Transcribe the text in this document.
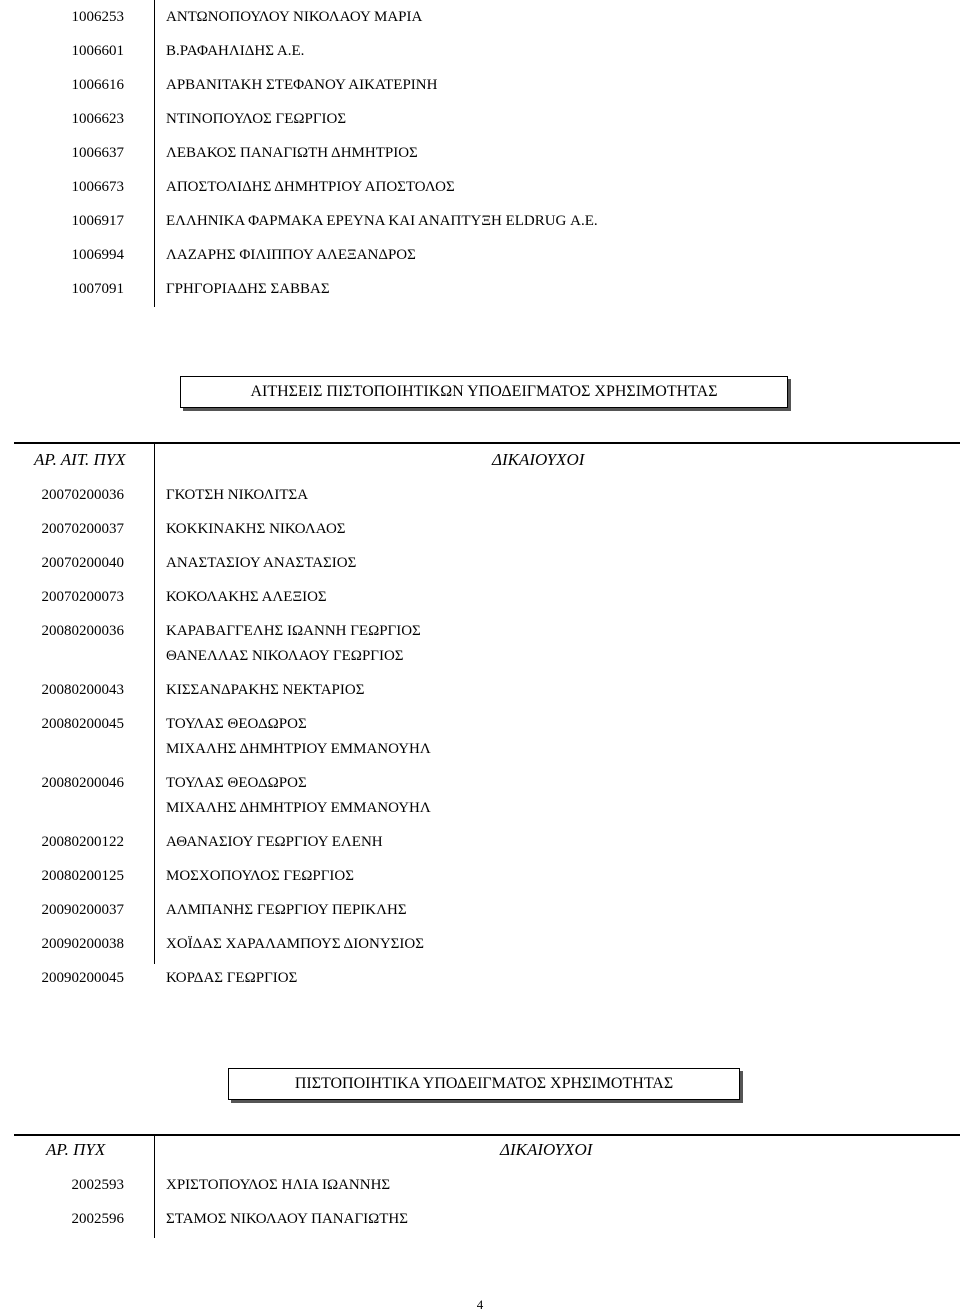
1006253	ΑΝΤΩΝΟΠΟΥΛΟΥ ΝΙΚΟΛΑΟΥ ΜΑΡΙΑ
1006601	Β.ΡΑΦΑΗΛΙΔΗΣ Α.Ε.
1006616	ΑΡΒΑΝΙΤΑΚΗ ΣΤΕΦΑΝΟΥ ΑΙΚΑΤΕΡΙΝΗ
1006623	ΝΤΙΝΟΠΟΥΛΟΣ ΓΕΩΡΓΙΟΣ
1006637	ΛΕΒΑΚΟΣ ΠΑΝΑΓΙΩΤΗ ΔΗΜΗΤΡΙΟΣ
1006673	ΑΠΟΣΤΟΛΙΔΗΣ ΔΗΜΗΤΡΙΟΥ ΑΠΟΣΤΟΛΟΣ
1006917	ΕΛΛΗΝΙΚΑ ΦΑΡΜΑΚΑ ΕΡΕΥΝΑ ΚΑΙ ΑΝΑΠΤΥΞΗ ELDRUG Α.Ε.
1006994	ΛΑΖΑΡΗΣ ΦΙΛΙΠΠΟΥ ΑΛΕΞΑΝΔΡΟΣ
1007091	ΓΡΗΓΟΡΙΑΔΗΣ ΣΑΒΒΑΣ
ΑΙΤΗΣΕΙΣ ΠΙΣΤΟΠΟΙΗΤΙΚΩΝ ΥΠΟΔΕΙΓΜΑΤΟΣ ΧΡΗΣΙΜΟΤΗΤΑΣ
ΑΡ. ΑΙΤ. ΠΥΧ	ΔΙΚΑΙΟΥΧΟΙ
20070200036	ΓΚΟΤΣΗ ΝΙΚΟΛΙΤΣΑ
20070200037	ΚΟΚΚΙΝΑΚΗΣ ΝΙΚΟΛΑΟΣ
20070200040	ΑΝΑΣΤΑΣΙΟΥ ΑΝΑΣΤΑΣΙΟΣ
20070200073	ΚΟΚΟΛΑΚΗΣ ΑΛΕΞΙΟΣ
20080200036	ΚΑΡΑΒΑΓΓΕΛΗΣ ΙΩΑΝΝΗ ΓΕΩΡΓΙΟΣ
ΘΑΝΕΛΛΑΣ ΝΙΚΟΛΑΟΥ ΓΕΩΡΓΙΟΣ
20080200043	ΚΙΣΣΑΝΔΡΑΚΗΣ ΝΕΚΤΑΡΙΟΣ
20080200045	ΤΟΥΛΑΣ ΘΕΟΔΩΡΟΣ
ΜΙΧΑΛΗΣ ΔΗΜΗΤΡΙΟΥ ΕΜΜΑΝΟΥΗΛ
20080200046	ΤΟΥΛΑΣ ΘΕΟΔΩΡΟΣ
ΜΙΧΑΛΗΣ ΔΗΜΗΤΡΙΟΥ ΕΜΜΑΝΟΥΗΛ
20080200122	ΑΘΑΝΑΣΙΟΥ ΓΕΩΡΓΙΟΥ ΕΛΕΝΗ
20080200125	ΜΟΣΧΟΠΟΥΛΟΣ ΓΕΩΡΓΙΟΣ
20090200037	ΑΛΜΠΑΝΗΣ ΓΕΩΡΓΙΟΥ ΠΕΡΙΚΛΗΣ
20090200038	ΧΟΪΔΑΣ ΧΑΡΑΛΑΜΠΟΥΣ ΔΙΟΝΥΣΙΟΣ
20090200045	ΚΟΡΔΑΣ ΓΕΩΡΓΙΟΣ
ΠΙΣΤΟΠΟΙΗΤΙΚΑ ΥΠΟΔΕΙΓΜΑΤΟΣ ΧΡΗΣΙΜΟΤΗΤΑΣ
ΑΡ. ΠΥΧ	ΔΙΚΑΙΟΥΧΟΙ
2002593	ΧΡΙΣΤΟΠΟΥΛΟΣ ΗΛΙΑ ΙΩΑΝΝΗΣ
2002596	ΣΤΑΜΟΣ ΝΙΚΟΛΑΟΥ ΠΑΝΑΓΙΩΤΗΣ
4
